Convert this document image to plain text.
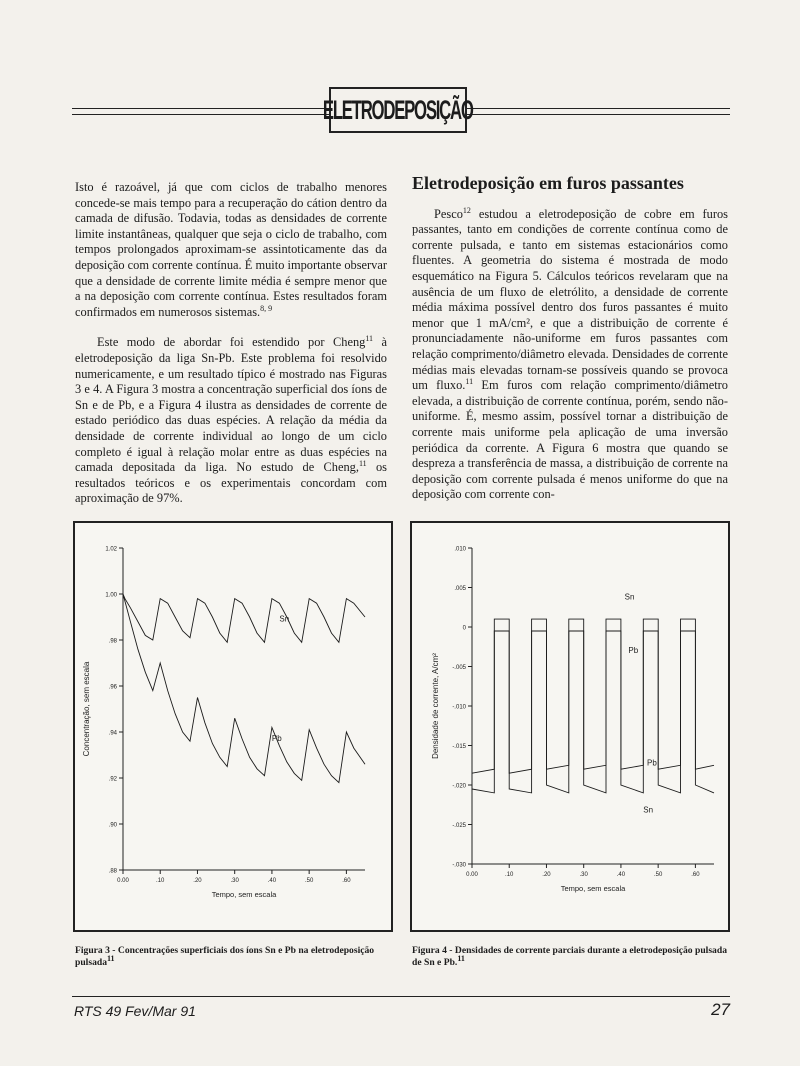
ELETRODEPOSIÇÃO

Isto é razoável, já que com ciclos de trabalho menores concede-se mais tempo para a recuperação do cátion dentro da camada de difusão. Todavia, todas as densidades de corrente limite instantâneas, qualquer que seja o ciclo de trabalho, com tempos prolongados aproximam-se assintoticamente das da deposição com corrente contínua. É muito importante observar que a densidade de corrente limite média é sempre menor que a na deposição com corrente contínua. Estes resultados foram confirmados em numerosos sistemas.$^{8, 9}$

Este modo de abordar foi estendido por Cheng$^{11}$ à eletrodeposição da liga Sn-Pb. Este problema foi resolvido numericamente, e um resultado típico é mostrado nas Figuras 3 e 4. A Figura 3 mostra a concentração superficial dos íons de Sn e de Pb, e a Figura 4 ilustra as densidades de corrente de estado periódico das duas espécies. A relação da média da densidade de corrente individual ao longo de um ciclo completo é igual à relação molar entre as duas espécies na camada depositada da liga. No estudo de Cheng,$^{11}$ os resultados teóricos e os experimentais concordam com aproximação de 97%.

Eletrodeposição em furos passantes

Pesco$^{12}$ estudou a eletrodeposição de cobre em furos passantes, tanto em condições de corrente contínua como de corrente pulsada, e tanto em sistemas estacionários como fluentes. A geometria do sistema é mostrada de modo esquemático na Figura 5. Cálculos teóricos revelaram que na ausência de um fluxo de eletrólito, a densidade de corrente média máxima possível dentro dos furos passantes é muito menor que 1 mA/cm², e que a distribuição de corrente é pronunciadamente não-uniforme em furos passantes com relação comprimento/diâmetro elevada. Densidades de corrente médias mais elevadas tornam-se possíveis quando se provoca um fluxo.$^{11}$ Em furos com relação comprimento/diâmetro elevada, a distribuição de corrente contínua, porém, sendo não-uniforme. É, mesmo assim, possível tornar a distribuição de corrente mais uniforme pela aplicação de uma inversão periódica da corrente. A Figura 6 mostra que quando se despreza a transferência de massa, a distribuição de corrente na deposição com corrente pulsada é menos uniforme do que na deposição com corrente con-

.88
.90
.92
.94
.96
.98
1.00
1.02
0.00	.10	.20	.30	.40	.50	.60
Tempo, sem escala
Concentração, sem escala
Sn
Pb
Figura 3 - Concentrações superficiais dos íons Sn e Pb na eletrodeposição pulsada$^{11}$
-.030
-.025
-.020
-.015
-.010
-.005
0
.005
.010
0.00	.10	.20	.30	.40	.50	.60
Tempo, sem escala
Densidade de corrente, A/cm²
Sn
Pb
Pb
Sn
Figura 4 - Densidades de corrente parciais durante a eletrodeposição pulsada de Sn e Pb.$^{11}$
RTS 49 Fev/Mar 91	27
